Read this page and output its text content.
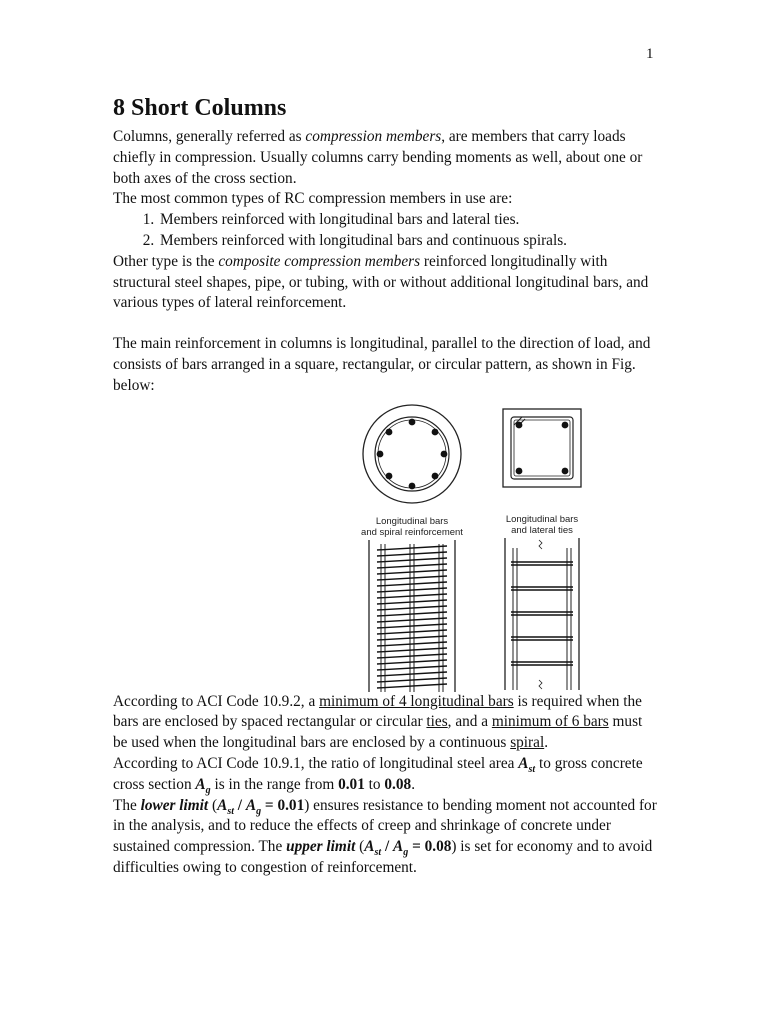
1
8 Short Columns

Columns, generally referred as compression members, are members that carry loads chiefly in compression. Usually columns carry bending moments as well, about one or both axes of the cross section.

The most common types of RC compression members in use are:

1. Members reinforced with longitudinal bars and lateral ties.
2. Members reinforced with longitudinal bars and continuous spirals.

Other type is the composite compression members reinforced longitudinally with structural steel shapes, pipe, or tubing, with or without additional longitudinal bars, and various types of lateral reinforcement.

The main reinforcement in columns is longitudinal, parallel to the direction of load, and consists of bars arranged in a square, rectangular, or circular pattern, as shown in Fig. below:

Longitudinal bars
and spiral reinforcement
Longitudinal bars
and lateral ties

According to ACI Code 10.9.2, a minimum of 4 longitudinal bars is required when the bars are enclosed by spaced rectangular or circular ties, and a minimum of 6 bars must be used when the longitudinal bars are enclosed by a continuous spiral.

According to ACI Code 10.9.1, the ratio of longitudinal steel area $A_{st}$ to gross concrete cross section $A_g$ is in the range from 0.01 to 0.08.

The lower limit $(A_{st} / A_g = 0.01)$ ensures resistance to bending moment not accounted for in the analysis, and to reduce the effects of creep and shrinkage of concrete under sustained compression. The upper limit $(A_{st} / A_g = 0.08)$ is set for economy and to avoid difficulties owing to congestion of reinforcement.
